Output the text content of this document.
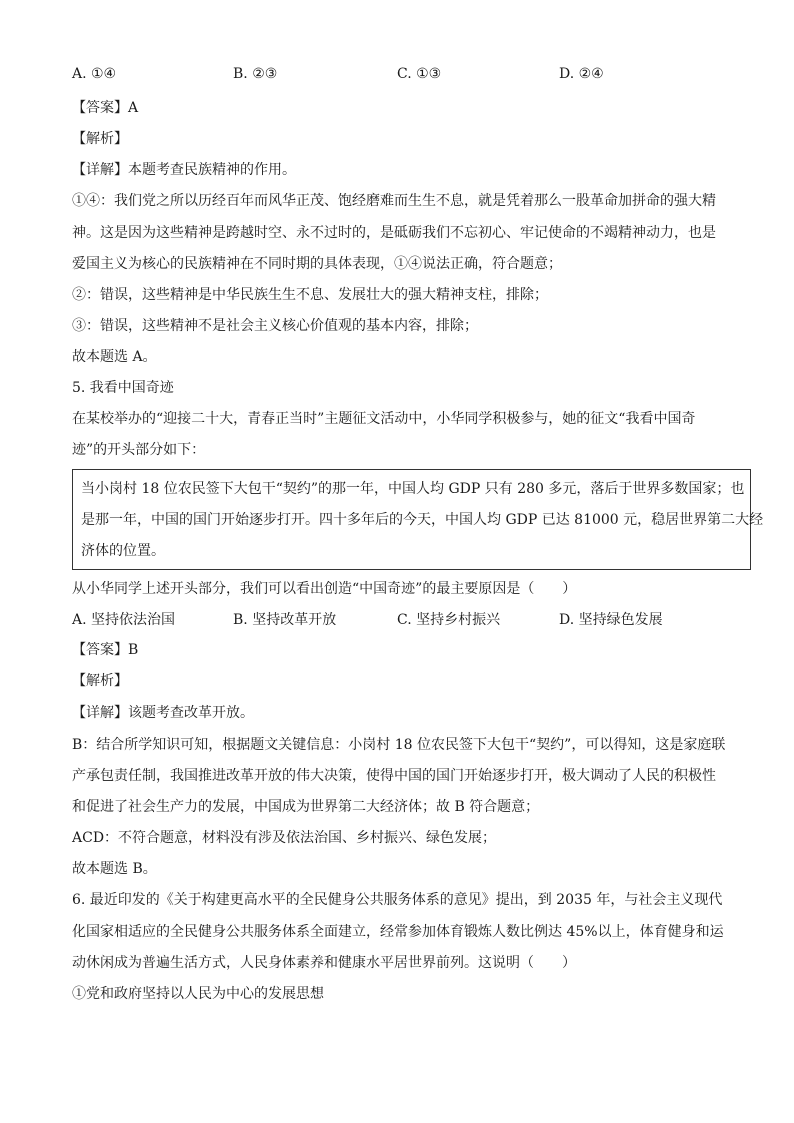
A. ①④	B. ②③	C. ①③	D. ②④
【答案】A
【解析】
【详解】本题考查民族精神的作用。
①④：我们党之所以历经百年而风华正茂、饱经磨难而生生不息，就是凭着那么一股革命加拼命的强大精
神。这是因为这些精神是跨越时空、永不过时的，是砥砺我们不忘初心、牢记使命的不竭精神动力，也是
爱国主义为核心的民族精神在不同时期的具体表现，①④说法正确，符合题意；
②：错误，这些精神是中华民族生生不息、发展壮大的强大精神支柱，排除；
③：错误，这些精神不是社会主义核心价值观的基本内容，排除；
故本题选 A。
5. 我看中国奇迹
在某校举办的“迎接二十大，青春正当时”主题征文活动中，小华同学积极参与，她的征文“我看中国奇
迹”的开头部分如下：
当小岗村 18 位农民签下大包干“契约”的那一年，中国人均 GDP 只有 280 多元，落后于世界多数国家；也
是那一年，中国的国门开始逐步打开。四十多年后的今天，中国人均 GDP 已达 81000 元，稳居世界第二大经
济体的位置。
从小华同学上述开头部分，我们可以看出创造“中国奇迹”的最主要原因是（　　）
A. 坚持依法治国	B. 坚持改革开放	C. 坚持乡村振兴	D. 坚持绿色发展
【答案】B
【解析】
【详解】该题考查改革开放。
B：结合所学知识可知，根据题文关键信息：小岗村 18 位农民签下大包干“契约”，可以得知，这是家庭联
产承包责任制，我国推进改革开放的伟大决策，使得中国的国门开始逐步打开，极大调动了人民的积极性
和促进了社会生产力的发展，中国成为世界第二大经济体；故 B 符合题意；
ACD：不符合题意，材料没有涉及依法治国、乡村振兴、绿色发展；
故本题选 B。
6. 最近印发的《关于构建更高水平的全民健身公共服务体系的意见》提出，到 2035 年，与社会主义现代
化国家相适应的全民健身公共服务体系全面建立，经常参加体育锻炼人数比例达 45%以上，体育健身和运
动休闲成为普遍生活方式，人民身体素养和健康水平居世界前列。这说明（　　）
①党和政府坚持以人民为中心的发展思想
